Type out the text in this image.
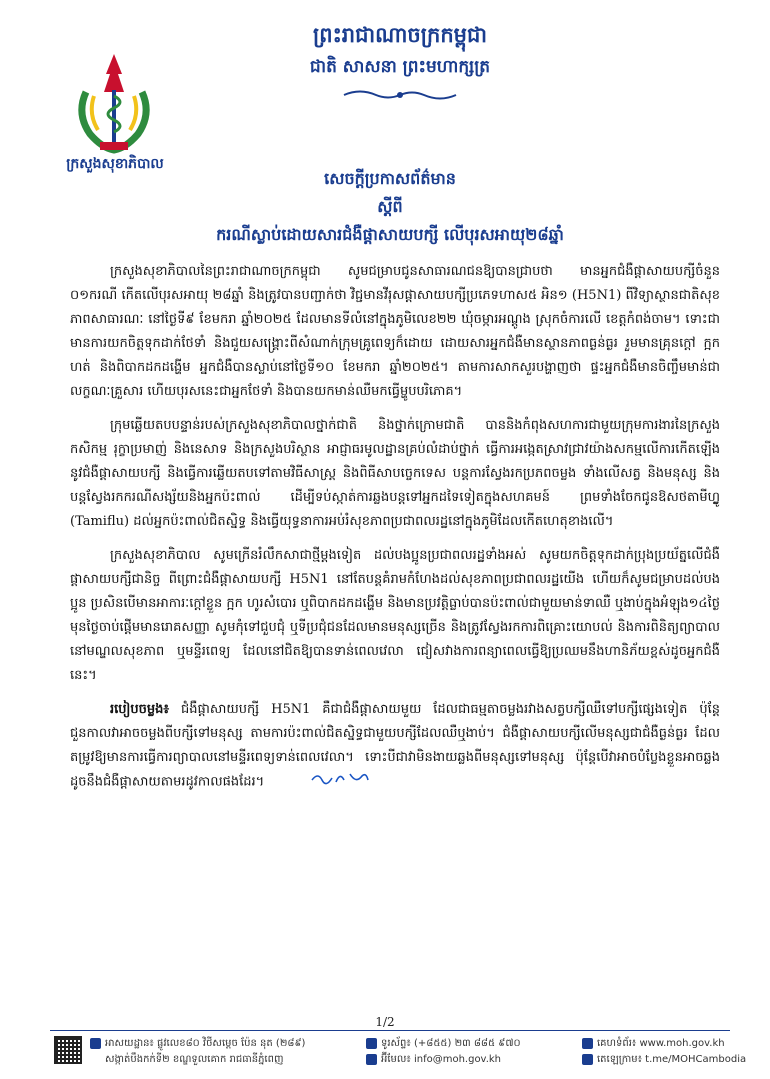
ក្រសួងសុខាភិបាល
ព្រះរាជាណាចក្រកម្ពុជា
ជាតិ សាសនា ព្រះមហាក្សត្រ
សេចក្តីប្រកាសព័ត៌មាន
ស្តីពី
ករណីស្លាប់ដោយសារជំងឺផ្តាសាយបក្សី លើបុរសអាយុ២៨ឆ្នាំ

ក្រសួងសុខាភិបាលនៃព្រះរាជាណាចក្រកម្ពុជា សូមជម្រាបជូនសាធារណជនឱ្យបានជ្រាបថា មានអ្នកជំងឺផ្តាសាយបក្សីចំនួន ០១ករណី កើតលើបុរសអាយុ ២៨ឆ្នាំ និងត្រូវបានបញ្ជាក់ថា វិជ្ជមានវីរុសផ្តាសាយបក្សីប្រភេទហាស៥ អិន១ (H5N1) ពីវិទ្យាស្ថានជាតិសុខភាពសាធារណៈ នៅថ្ងៃទី៩ ខែមករា ឆ្នាំ២០២៥ ដែលមានទីលំនៅក្នុងភូមិលេខ២២ ឃុំចម្ការអណ្តូង ស្រុកចំការលើ ខេត្តកំពង់ចាម។ ទោះជាមានការយកចិត្តទុកដាក់ថែទាំ និងជួយសង្គ្រោះពីសំណាក់ក្រុមគ្រូពេទ្យក៏ដោយ ដោយសារអ្នកជំងឺមានស្ថានភាពធ្ងន់ធ្ងរ រួមមានគ្រុនក្តៅ ក្អក ហត់ និងពិបាកដកដង្ហើម អ្នកជំងឺបានស្លាប់នៅថ្ងៃទី១០ ខែមករា ឆ្នាំ២០២៥។ តាមការសាកសួរបង្ហាញថា ផ្ទះអ្នកជំងឺមានចិញ្ចឹមមាន់ជាលក្ខណៈគ្រួសារ ហើយបុរសនេះជាអ្នកថែទាំ និងបានយកមាន់ឈឺមកធ្វើម្ហូបបរិភោគ។

ក្រុមឆ្លើយតបបន្ទាន់របស់ក្រសួងសុខាភិបាលថ្នាក់ជាតិ និងថ្នាក់ក្រោមជាតិ បាននិងកំពុងសហការជាមួយក្រុមការងារនៃក្រសួងកសិកម្ម រុក្ខាប្រមាញ់ និងនេសាទ និងក្រសួងបរិស្ថាន អាជ្ញាធរមូលដ្ឋានគ្រប់លំដាប់ថ្នាក់ ធ្វើការអង្កេតស្រាវជ្រាវយ៉ាងសកម្មលើការកើតឡើងនូវជំងឺផ្តាសាយបក្សី និងធ្វើការឆ្លើយតបទៅតាមវិធីសាស្ត្រ និងពិធីសាបច្ចេកទេស បន្តការស្វែងរកប្រភពចម្លង ទាំងលើសត្វ និងមនុស្ស និងបន្តស្វែងរកករណីសង្ស័យនិងអ្នកប៉ះពាល់ ដើម្បីទប់ស្កាត់ការឆ្លងបន្តទៅអ្នកដទៃទៀតក្នុងសហគមន៍ ព្រមទាំងចែកជូនឱសថតាមីហ្វ្លូ (Tamiflu) ដល់អ្នកប៉ះពាល់ជិតស្និទ្ធ និងធ្វើយុទ្ធនាការអប់រំសុខភាពប្រជាពលរដ្ឋនៅក្នុងភូមិដែលកើតហេតុខាងលើ។

ក្រសួងសុខាភិបាល សូមក្រើនរំលឹកសាជាថ្មីម្តងទៀត ដល់បងប្អូនប្រជាពលរដ្ឋទាំងអស់ សូមយកចិត្តទុកដាក់ប្រុងប្រយ័ត្នលើជំងឺផ្តាសាយបក្សីជានិច្ច ពីព្រោះជំងឺផ្តាសាយបក្សី H5N1 នៅតែបន្តគំរាមកំហែងដល់សុខភាពប្រជាពលរដ្ឋយើង ហើយក៏សូមជម្រាបដល់បងប្អូន ប្រសិនបើមានអាការៈក្តៅខ្លួន ក្អក ហូរសំបោរ ឬពិបាកដកដង្ហើម និងមានប្រវត្តិធ្លាប់បានប៉ះពាល់ជាមួយមាន់ទាឈឺ ឬងាប់ក្នុងអំឡុង១៤ថ្ងៃមុនថ្ងៃចាប់ផ្តើមមានរោគសញ្ញា សូមកុំទៅជួបជុំ ឬទីប្រជុំជនដែលមានមនុស្សច្រើន និងត្រូវស្វែងរកការពិគ្រោះយោបល់ និងការពិនិត្យព្យាបាលនៅមណ្ឌលសុខភាព ឬមន្ទីរពេទ្យ ដែលនៅជិតឱ្យបានទាន់ពេលវេលា ជៀសវាងការពន្យាពេលធ្វើឱ្យប្រឈមនឹងហានិភ័យខ្ពស់ដូចអ្នកជំងឺនេះ។

របៀបចម្លង៖ ជំងឺផ្តាសាយបក្សី H5N1 គឺជាជំងឺផ្តាសាយមួយ ដែលជាធម្មតាចម្លងរវាងសត្វបក្សីឈឺទៅបក្សីផ្សេងទៀត ប៉ុន្តែជួនកាលវាអាចចម្លងពីបក្សីទៅមនុស្ស តាមការប៉ះពាល់ជិតស្និទ្ធជាមួយបក្សីដែលឈឺឬងាប់។ ជំងឺផ្តាសាយបក្សីលើមនុស្សជាជំងឺធ្ងន់ធ្ងរ ដែលតម្រូវឱ្យមានការធ្វើការព្យាបាលនៅមន្ទីរពេទ្យទាន់ពេលវេលា។ ទោះបីជាវាមិនងាយឆ្លងពីមនុស្សទៅមនុស្ស ប៉ុន្តែបើវាអាចបំប្លែងខ្លួនអាចឆ្លង ដូចនឹងជំងឺផ្តាសាយតាមរដូវកាលផងដែរ។

1/2
អាសយដ្ឋាន៖ ផ្លូវលេខ៨០ វិថីសម្តេច ប៉ែន នុត (២៨៩)
សង្កាត់បឹងកក់ទី២ ខណ្ឌទួលគោក រាជធានីភ្នំពេញ
ទូរស័ព្ទ៖ (+៨៥៥) ២៣ ៨៨៥ ៩៧០
អ៊ីមែល៖ info@moh.gov.kh
គេហទំព័រ៖ www.moh.gov.kh
តេឡេក្រាម៖ t.me/MOHCambodia
